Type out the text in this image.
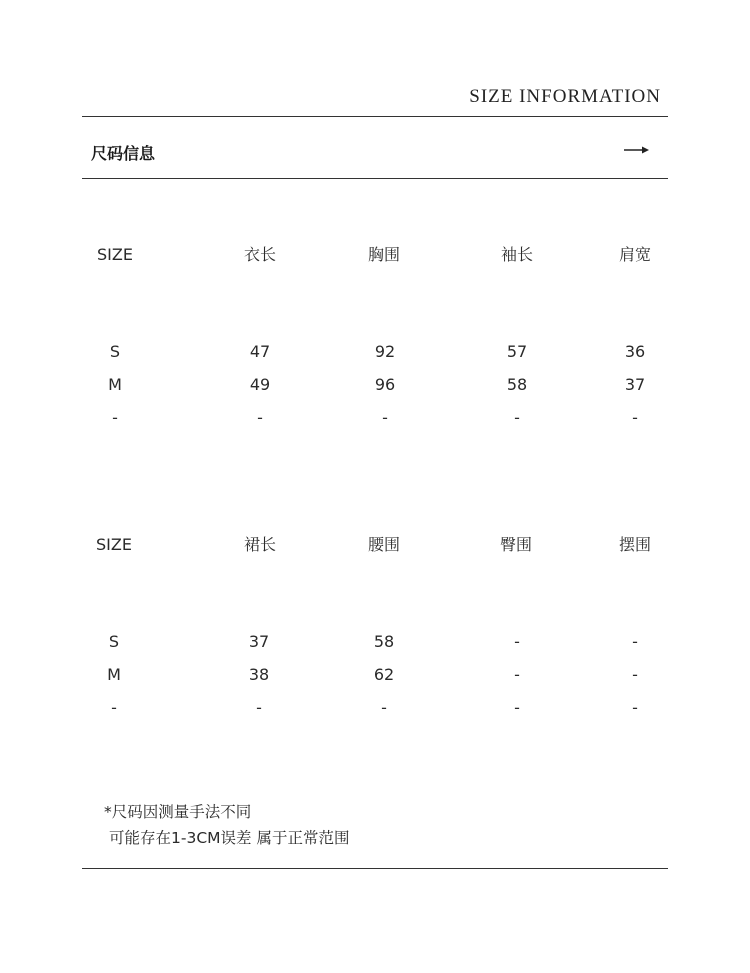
SIZE INFORMATION
尺码信息
SIZE	衣长	胸围	袖长	肩宽
S	47	92	57	36
M	49	96	58	37
-	-	-	-	-
SIZE	裙长	腰围	臀围	摆围
S	37	58	-	-
M	38	62	-	-
-	-	-	-	-
*尺码因测量手法不同
可能存在1-3CM误差 属于正常范围
